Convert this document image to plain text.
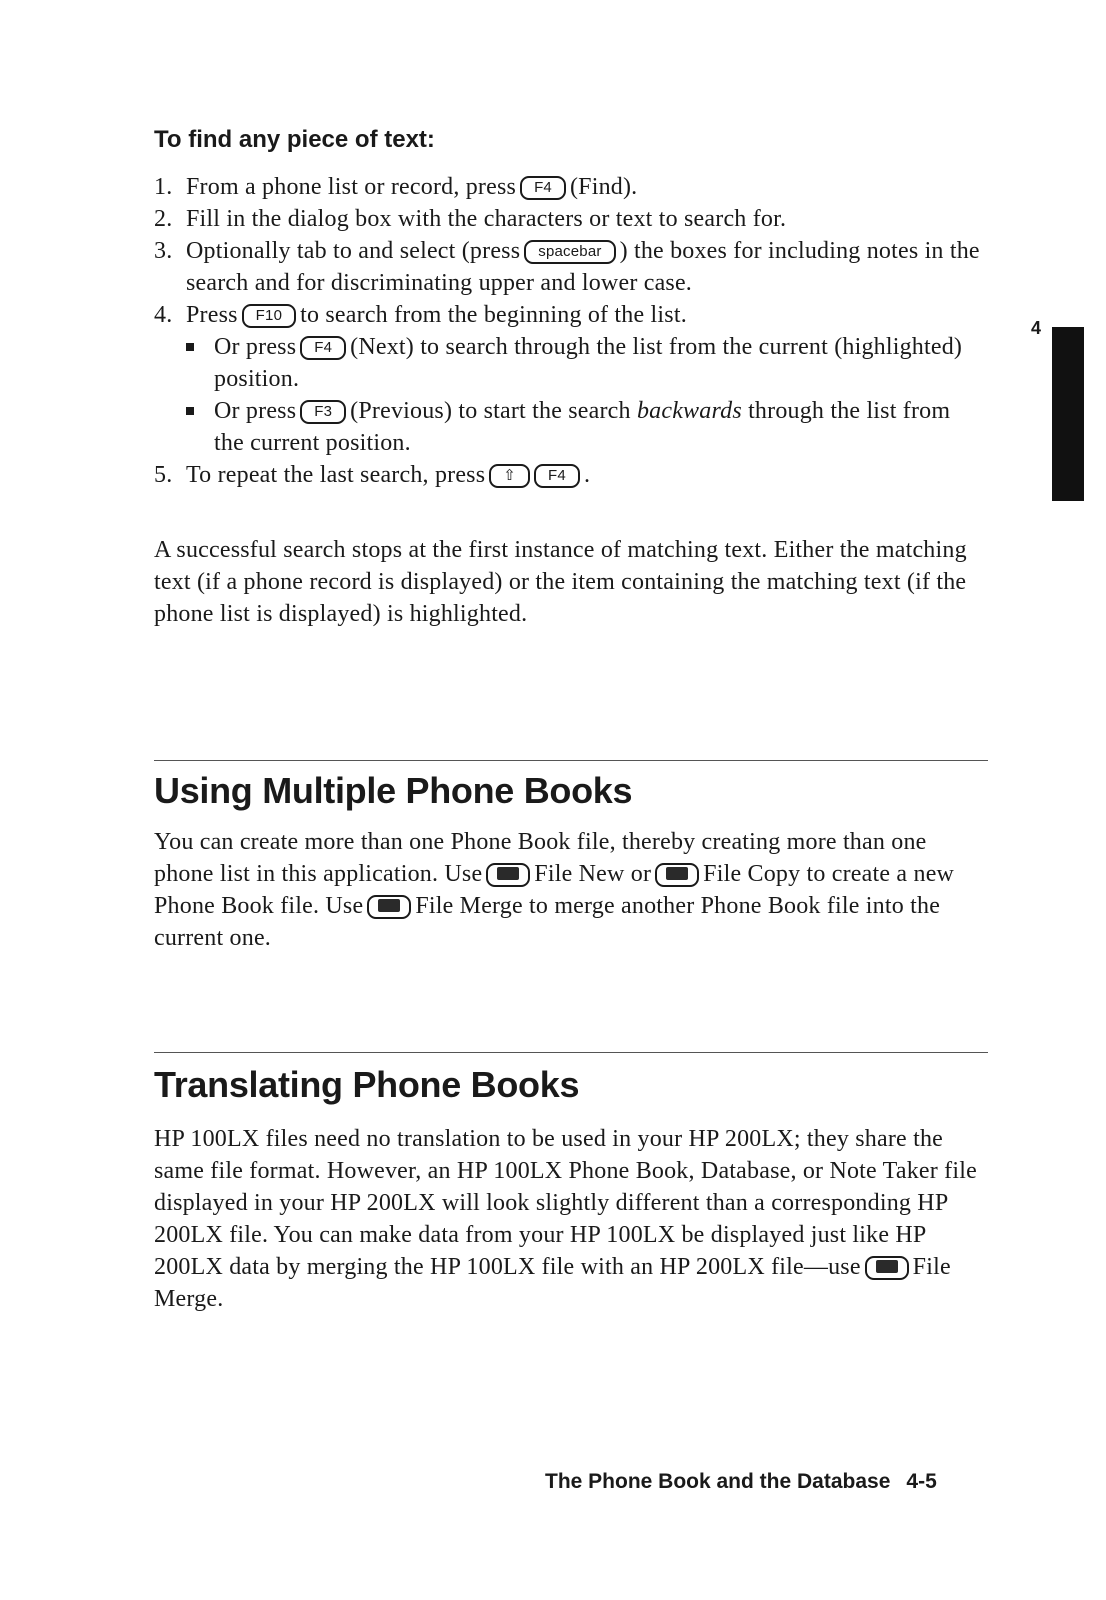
To find any piece of text:
1. From a phone list or record, press F4 (Find).
2. Fill in the dialog box with the characters or text to search for.
3. Optionally tab to and select (press spacebar ) the boxes for including notes in the search and for discriminating upper and lower case.
4. Press F10 to search from the beginning of the list.
Or press F4 (Next) to search through the list from the current (highlighted) position.
Or press F3 (Previous) to start the search backwards through the list from the current position.
5. To repeat the last search, press ⇧ F4 .

A successful search stops at the first instance of matching text. Either the matching text (if a phone record is displayed) or the item containing the matching text (if the phone list is displayed) is highlighted.

Using Multiple Phone Books

You can create more than one Phone Book file, thereby creating more than one phone list in this application. Use File New or File Copy to create a new Phone Book file. Use File Merge to merge another Phone Book file into the current one.

Translating Phone Books

HP 100LX files need no translation to be used in your HP 200LX; they share the same file format. However, an HP 100LX Phone Book, Database, or Note Taker file displayed in your HP 200LX will look slightly different than a corresponding HP 200LX file. You can make data from your HP 100LX be displayed just like HP 200LX data by merging the HP 100LX file with an HP 200LX file—use File Merge.

4

The Phone Book and the Database 4-5
